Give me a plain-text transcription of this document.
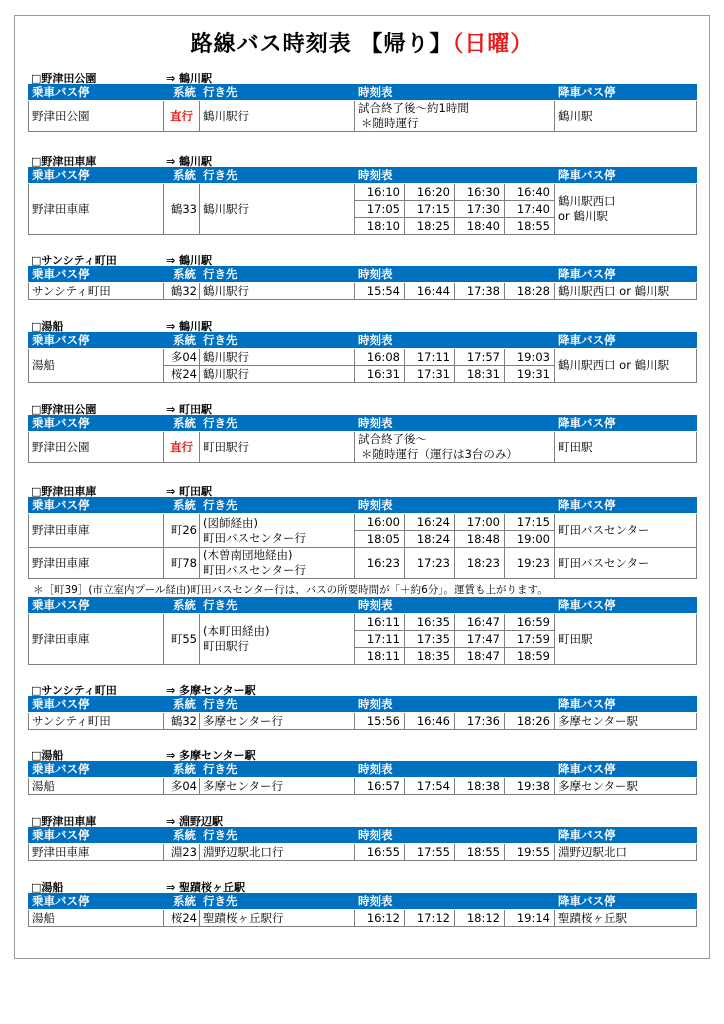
路線バス時刻表 【帰り】（日曜）
□野津田公園	⇒ 鶴川駅
乗車バス停	系統	行き先	時刻表	降車バス停
野津田公園	直行	鶴川駅行	試合終了後～約1時間
＊随時運行	鶴川駅
□野津田車庫	⇒ 鶴川駅
乗車バス停	系統	行き先	時刻表				降車バス停
野津田車庫	鶴33	鶴川駅行	16:10	16:20	16:30	16:40	鶴川駅西口
or 鶴川駅

			17:05	17:15	17:30	17:40	
			18:10	18:25	18:40	18:55	
□サンシティ町田	⇒ 鶴川駅
乗車バス停	系統	行き先	時刻表				降車バス停
サンシティ町田	鶴32	鶴川駅行	15:54	16:44	17:38	18:28	鶴川駅西口 or 鶴川駅
□湯船	⇒ 鶴川駅
乗車バス停	系統	行き先	時刻表				降車バス停
湯船	多04	鶴川駅行	16:08	17:11	17:57	19:03	鶴川駅西口 or 鶴川駅
	桜24	鶴川駅行	16:31	17:31	18:31	19:31	
□野津田公園	⇒ 町田駅
乗車バス停	系統	行き先	時刻表	降車バス停
野津田公園	直行	町田駅行	試合終了後～
＊随時運行（運行は3台のみ）	町田駅
□野津田車庫	⇒ 町田駅
乗車バス停	系統	行き先	時刻表				降車バス停
野津田車庫	町26	(図師経由)
町田バスセンター行	16:00	16:24	17:00	17:15	町田バスセンター
			18:05	18:24	18:48	19:00	
野津田車庫	町78	(木曽南団地経由)
町田バスセンター行	16:23	17:23	18:23	19:23	町田バスセンター
＊［町39］(市立室内プール経由)町田バスセンター行は、バスの所要時間が「＋約6分」。運賃も上がります。
乗車バス停	系統	行き先	時刻表				降車バス停
野津田車庫	町55	(本町田経由)
町田駅行	16:11	16:35	16:47	16:59	町田駅
			17:11	17:35	17:47	17:59	
			18:11	18:35	18:47	18:59	
□サンシティ町田	⇒ 多摩センター駅
乗車バス停	系統	行き先	時刻表				降車バス停
サンシティ町田	鶴32	多摩センター行	15:56	16:46	17:36	18:26	多摩センター駅
□湯船	⇒ 多摩センター駅
乗車バス停	系統	行き先	時刻表				降車バス停
湯船	多04	多摩センター行	16:57	17:54	18:38	19:38	多摩センター駅
□野津田車庫	⇒ 淵野辺駅
乗車バス停	系統	行き先	時刻表				降車バス停
野津田車庫	淵23	淵野辺駅北口行	16:55	17:55	18:55	19:55	淵野辺駅北口
□湯船	⇒ 聖蹟桜ヶ丘駅
乗車バス停	系統	行き先	時刻表				降車バス停
湯船	桜24	聖蹟桜ヶ丘駅行	16:12	17:12	18:12	19:14	聖蹟桜ヶ丘駅
